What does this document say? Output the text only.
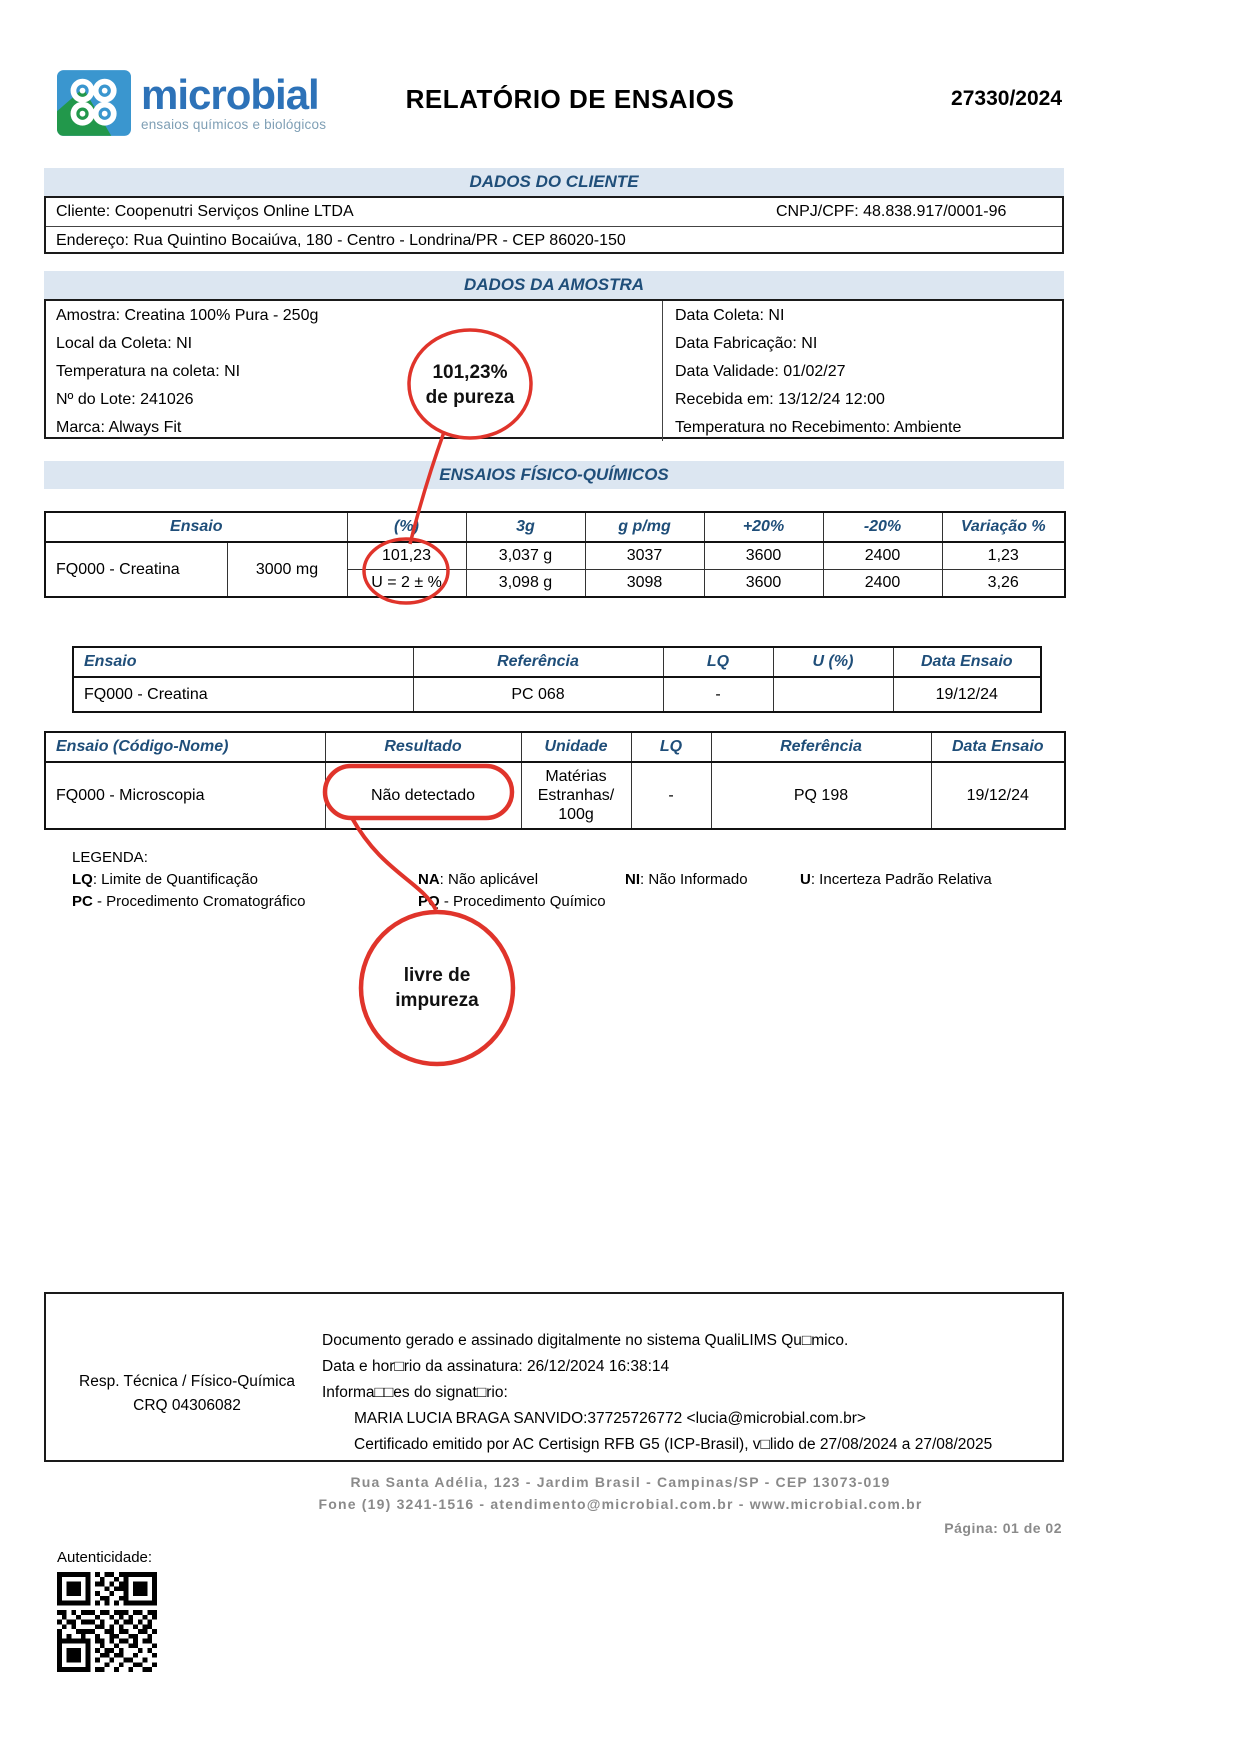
microbial
ensaios químicos e biológicos
RELATÓRIO DE ENSAIOS	27330/2024
DADOS DO CLIENTE
Cliente: Coopenutri Serviços Online LTDA	CNPJ/CPF: 48.838.917/0001-96
Endereço: Rua Quintino Bocaiúva, 180 - Centro - Londrina/PR - CEP 86020-150
DADOS DA AMOSTRA
Amostra: Creatina 100% Pura - 250g
Local da Coleta: NI
Temperatura na coleta: NI
Nº do Lote: 241026
Marca: Always Fit
Data Coleta: NI
Data Fabricação: NI
Data Validade: 01/02/27
Recebida em: 13/12/24 12:00
Temperatura no Recebimento: Ambiente
ENSAIOS FÍSICO-QUÍMICOS
Ensaio		(%)	3g	g p/mg	+20%	-20%	Variação %
FQ000 - Creatina	3000 mg	101,23	3,037 g	3037	3600	2400	1,23
		U = 2 ± %	3,098 g	3098	3600	2400	3,26
Ensaio	Referência	LQ	U (%)	Data Ensaio
FQ000 - Creatina	PC 068	-		19/12/24
Ensaio (Código-Nome)	Resultado	Unidade	LQ	Referência	Data Ensaio
FQ000 - Microscopia	Não detectado	Matérias Estranhas/ 100g	-	PQ 198	19/12/24
LEGENDA:
LQ: Limite de Quantificação	NA: Não aplicável	NI: Não Informado	U: Incerteza Padrão Relativa
PC - Procedimento Cromatográfico	PQ - Procedimento Químico
Resp. Técnica / Físico-Química
CRQ 04306082
Documento gerado e assinado digitalmente no sistema QualiLIMS Qu□mico.
Data e hor□rio da assinatura: 26/12/2024 16:38:14
Informa□□es do signat□rio:
MARIA LUCIA BRAGA SANVIDO:37725726772 <lucia@microbial.com.br>
Certificado emitido por AC Certisign RFB G5 (ICP-Brasil), v□lido de 27/08/2024 a 27/08/2025
Rua Santa Adélia, 123 - Jardim Brasil - Campinas/SP - CEP 13073-019
Fone (19) 3241-1516 - atendimento@microbial.com.br - www.microbial.com.br
Página: 01 de 02
Autenticidade:
101,23%
de pureza
livre de
impureza
